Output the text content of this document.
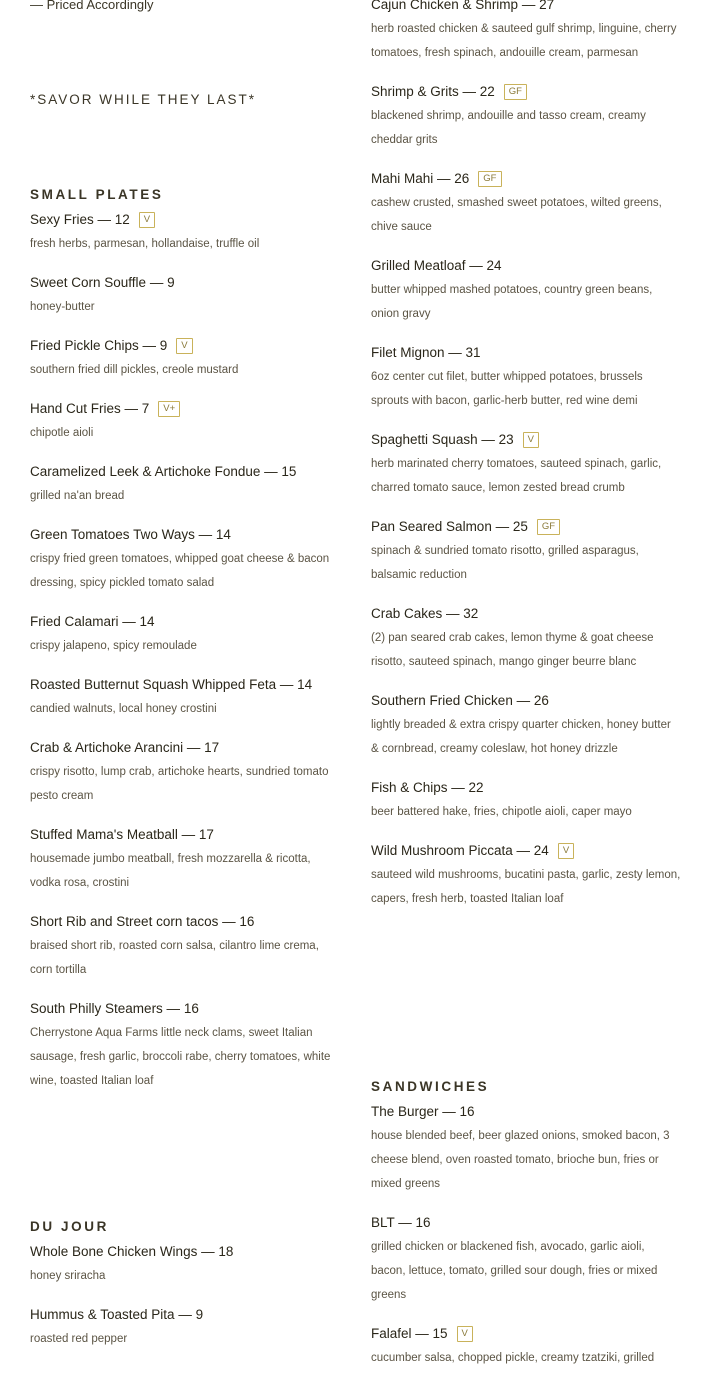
— Priced Accordingly
*SAVOR WHILE THEY LAST*
SMALL PLATES
Sexy Fries — 12	V
fresh herbs, parmesan, hollandaise, truffle oil
Sweet Corn Souffle — 9
honey-butter
Fried Pickle Chips — 9	V
southern fried dill pickles, creole mustard
Hand Cut Fries — 7	V+
chipotle aioli
Caramelized Leek & Artichoke Fondue — 15
grilled na'an bread
Green Tomatoes Two Ways — 14
crispy fried green tomatoes, whipped goat cheese & bacon dressing, spicy pickled tomato salad
Fried Calamari — 14
crispy jalapeno, spicy remoulade
Roasted Butternut Squash Whipped Feta — 14
candied walnuts, local honey crostini
Crab & Artichoke Arancini — 17
crispy risotto, lump crab, artichoke hearts, sundried tomato pesto cream
Stuffed Mama's Meatball — 17
housemade jumbo meatball, fresh mozzarella & ricotta, vodka rosa, crostini
Short Rib and Street corn tacos — 16
braised short rib, roasted corn salsa, cilantro lime crema, corn tortilla
South Philly Steamers — 16
Cherrystone Aqua Farms little neck clams, sweet Italian sausage, fresh garlic, broccoli rabe, cherry tomatoes, white wine, toasted Italian loaf
DU JOUR
Whole Bone Chicken Wings — 18
honey sriracha
Hummus & Toasted Pita — 9
roasted red pepper
Cajun Chicken & Shrimp — 27
herb roasted chicken & sauteed gulf shrimp, linguine, cherry tomatoes, fresh spinach, andouille cream, parmesan
Shrimp & Grits — 22	GF
blackened shrimp, andouille and tasso cream, creamy cheddar grits
Mahi Mahi — 26	GF
cashew crusted, smashed sweet potatoes, wilted greens, chive sauce
Grilled Meatloaf — 24
butter whipped mashed potatoes, country green beans, onion gravy
Filet Mignon — 31
6oz center cut filet, butter whipped potatoes, brussels sprouts with bacon, garlic-herb butter, red wine demi
Spaghetti Squash — 23	V
herb marinated cherry tomatoes, sauteed spinach, garlic, charred tomato sauce, lemon zested bread crumb
Pan Seared Salmon — 25	GF
spinach & sundried tomato risotto, grilled asparagus, balsamic reduction
Crab Cakes — 32
(2) pan seared crab cakes, lemon thyme & goat cheese risotto, sauteed spinach, mango ginger beurre blanc
Southern Fried Chicken — 26
lightly breaded & extra crispy quarter chicken, honey butter & cornbread, creamy coleslaw, hot honey drizzle
Fish & Chips — 22
beer battered hake, fries, chipotle aioli, caper mayo
Wild Mushroom Piccata — 24	V
sauteed wild mushrooms, bucatini pasta, garlic, zesty lemon, capers, fresh herb, toasted Italian loaf
SANDWICHES
The Burger — 16
house blended beef, beer glazed onions, smoked bacon, 3 cheese blend, oven roasted tomato, brioche bun, fries or mixed greens
BLT — 16
grilled chicken or blackened fish, avocado, garlic aioli, bacon, lettuce, tomato, grilled sour dough, fries or mixed greens
Falafel — 15	V
cucumber salsa, chopped pickle, creamy tzatziki, grilled
